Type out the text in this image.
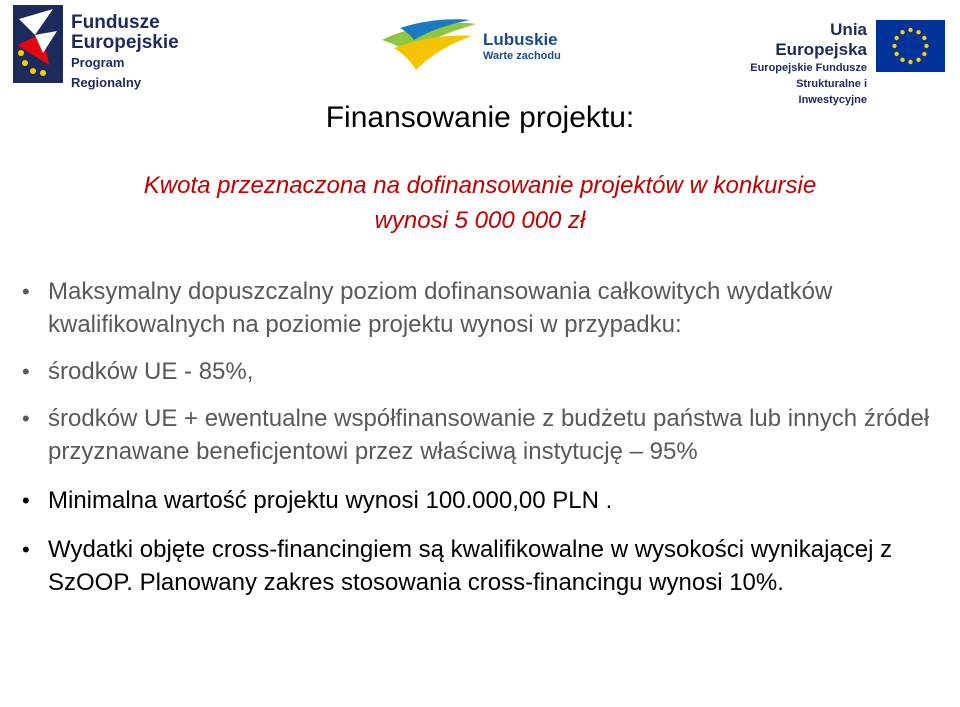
Fundusze
Europejskie
Program Regionalny
Lubuskie
Warte zachodu
Unia Europejska
Europejskie Fundusze
Strukturalne i Inwestycyjne
Finansowanie projektu:
Kwota przeznaczona na dofinansowanie projektów w konkursie
wynosi 5 000 000 zł
• Maksymalny dopuszczalny poziom dofinansowania całkowitych wydatków kwalifikowalnych na poziomie projektu wynosi w przypadku:
• środków UE - 85%,
• środków UE + ewentualne współfinansowanie z budżetu państwa lub innych źródeł przyznawane beneficjentowi przez właściwą instytucję – 95%
• Minimalna wartość projektu wynosi 100.000,00 PLN .
• Wydatki objęte cross-financingiem są kwalifikowalne w wysokości wynikającej z SzOOP. Planowany zakres stosowania cross-financingu wynosi 10%.
